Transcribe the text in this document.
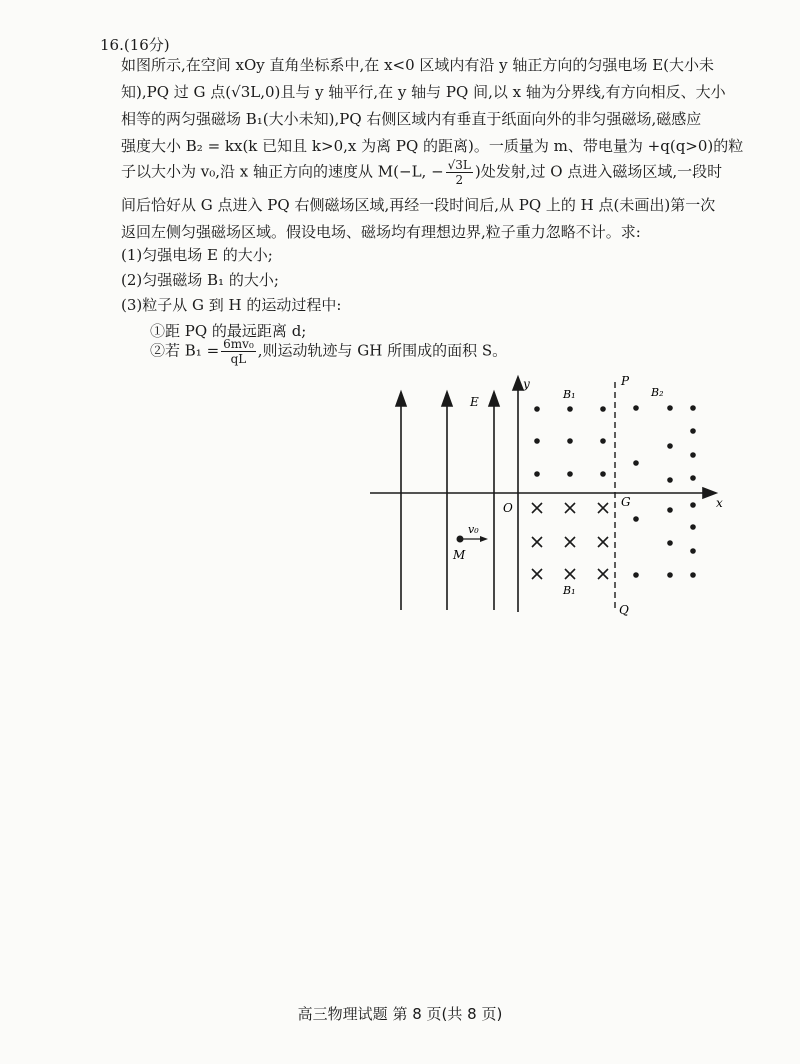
16.(16分)
如图所示,在空间 xOy 直角坐标系中,在 x<0 区域内有沿 y 轴正方向的匀强电场 E(大小未
知),PQ 过 G 点(√3L,0)且与 y 轴平行,在 y 轴与 PQ 间,以 x 轴为分界线,有方向相反、大小
相等的两匀强磁场 B₁(大小未知),PQ 右侧区域内有垂直于纸面向外的非匀强磁场,磁感应
强度大小 B₂ = kx(k 已知且 k>0,x 为离 PQ 的距离)。一质量为 m、带电量为 +q(q>0)的粒
子以大小为 v₀,沿 x 轴正方向的速度从 M(−L, − $\frac{√3L}{2}$ )处发射,过 O 点进入磁场区域,一段时
间后恰好从 G 点进入 PQ 右侧磁场区域,再经一段时间后,从 PQ 上的 H 点(未画出)第一次
返回左侧匀强磁场区域。假设电场、磁场均有理想边界,粒子重力忽略不计。求:
(1)匀强电场 E 的大小;
(2)匀强磁场 B₁ 的大小;
(3)粒子从 G 到 H 的运动过程中:
①距 PQ 的最远距离 d;
②若 $B_1 = \frac{\text{6mv₀}}{qL}$ ,则运动轨迹与 GH 所围成的面积 S。
y
x
E
O	G
P
Q
M
v₀
B₁
B₁
B₂
高三物理试题 第 8 页(共 8 页)
